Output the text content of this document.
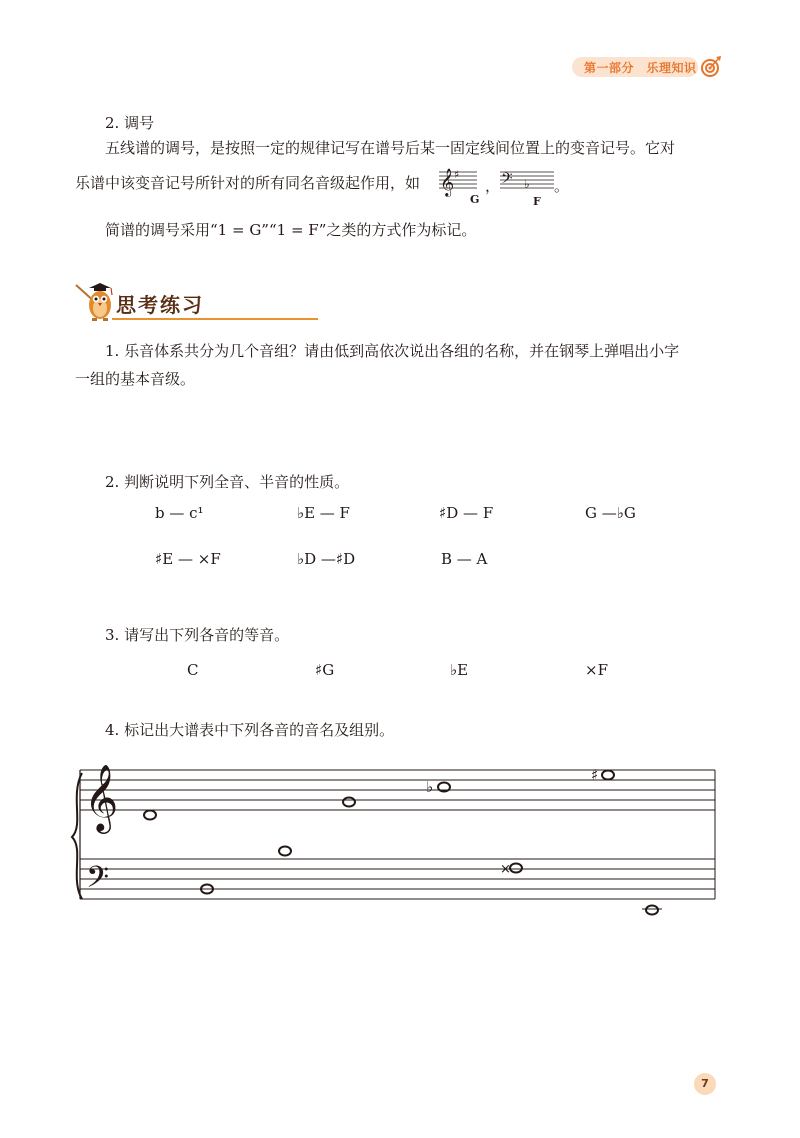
第一部分　乐理知识
2. 调号
五线谱的调号，是按照一定的规律记写在谱号后某一固定线间位置上的变音记号。它对
乐谱中该变音记号所针对的所有同名音级起作用，如 𝄞 ♯
G
， 𝄢 ♭
F
。
简谱的调号采用“1 = G”“1 = F”之类的方式作为标记。
思考练习
1. 乐音体系共分为几个音组？请由低到高依次说出各组的名称，并在钢琴上弹唱出小字
一组的基本音级。
2. 判断说明下列全音、半音的性质。
b — c¹	♭E — F	♯D — F	G —♭G
♯E — ×F	♭D —♯D	B — A
3. 请写出下列各音的等音。
C	♯G	♭E	×F
4. 标记出大谱表中下列各音的音名及组别。
𝄞
𝄢
♭
♯
×
7
